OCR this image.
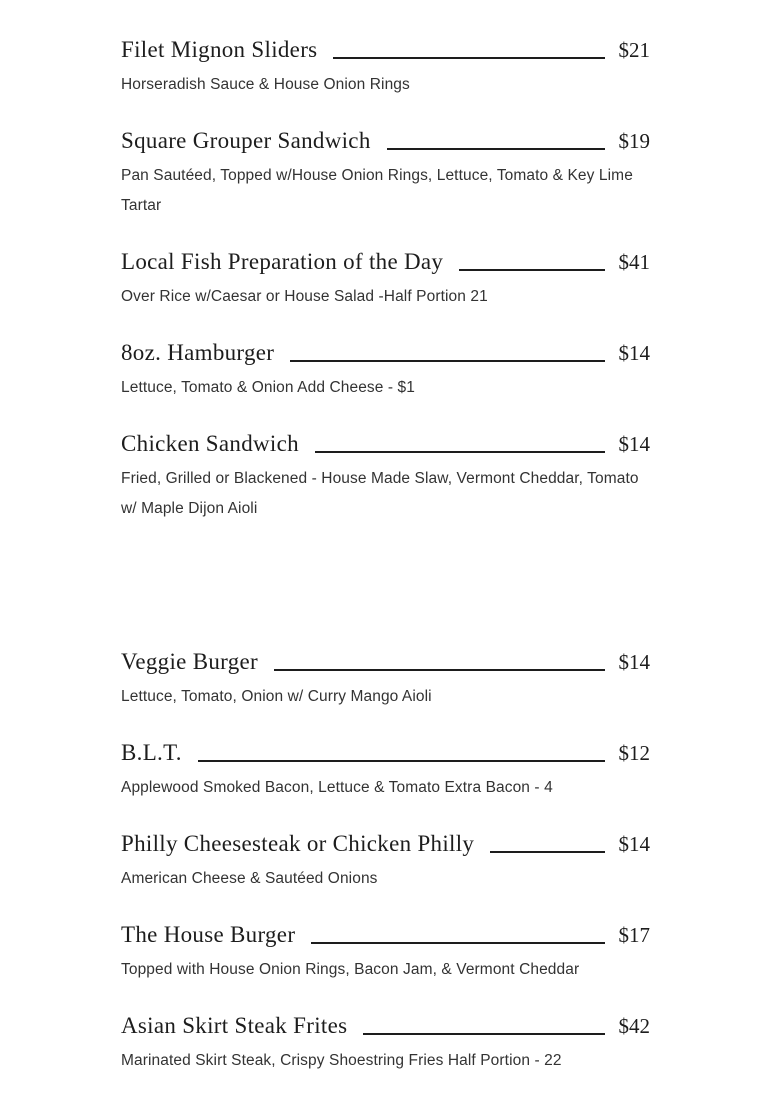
Filet Mignon Sliders	$21
Horseradish Sauce & House Onion Rings
Square Grouper Sandwich	$19
Pan Sautéed, Topped w/House Onion Rings, Lettuce, Tomato & Key Lime Tartar
Local Fish Preparation of the Day	$41
Over Rice w/Caesar or House Salad -Half Portion 21
8oz. Hamburger	$14
Lettuce, Tomato & Onion Add Cheese - $1
Chicken Sandwich	$14
Fried, Grilled or Blackened - House Made Slaw, Vermont Cheddar, Tomato w/ Maple Dijon Aioli
Veggie Burger	$14
Lettuce, Tomato, Onion w/ Curry Mango Aioli
B.L.T.	$12
Applewood Smoked Bacon, Lettuce & Tomato Extra Bacon - 4
Philly Cheesesteak or Chicken Philly	$14
American Cheese & Sautéed Onions
The House Burger	$17
Topped with House Onion Rings, Bacon Jam, & Vermont Cheddar
Asian Skirt Steak Frites	$42
Marinated Skirt Steak, Crispy Shoestring Fries Half Portion - 22
